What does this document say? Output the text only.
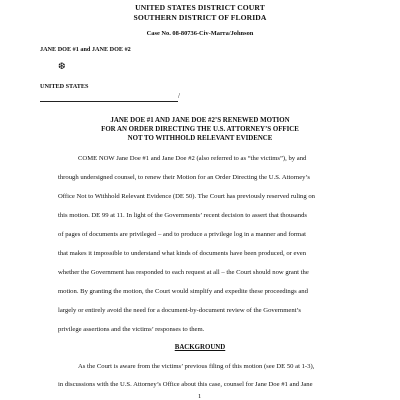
UNITED STATES DISTRICT COURT
SOUTHERN DISTRICT OF FLORIDA
Case No. 08-80736-Civ-Marra/Johnson
JANE DOE #1 and JANE DOE #2
❆
UNITED STATES
/
JANE DOE #1 AND JANE DOE #2’S RENEWED MOTION
FOR AN ORDER DIRECTING THE U.S. ATTORNEY’S OFFICE
NOT TO WITHHOLD RELEVANT EVIDENCE
COME NOW Jane Doe #1 and Jane Doe #2 (also referred to as “the victims”), by and
through undersigned counsel, to renew their Motion for an Order Directing the U.S. Attorney’s
Office Not to Withhold Relevant Evidence (DE 50). The Court has previously reserved ruling on
this motion. DE 99 at 11. In light of the Governments’ recent decision to assert that thousands
of pages of documents are privileged – and to produce a privilege log in a manner and format
that makes it impossible to understand what kinds of documents have been produced, or even
whether the Government has responded to each request at all – the Court should now grant the
motion. By granting the motion, the Court would simplify and expedite these proceedings and
largely or entirely avoid the need for a document-by-document review of the Government’s
privilege assertions and the victims’ responses to them.
BACKGROUND
As the Court is aware from the victims’ previous filing of this motion (see DE 50 at 1-3),
in discussions with the U.S. Attorney’s Office about this case, counsel for Jane Doe #1 and Jane
1
